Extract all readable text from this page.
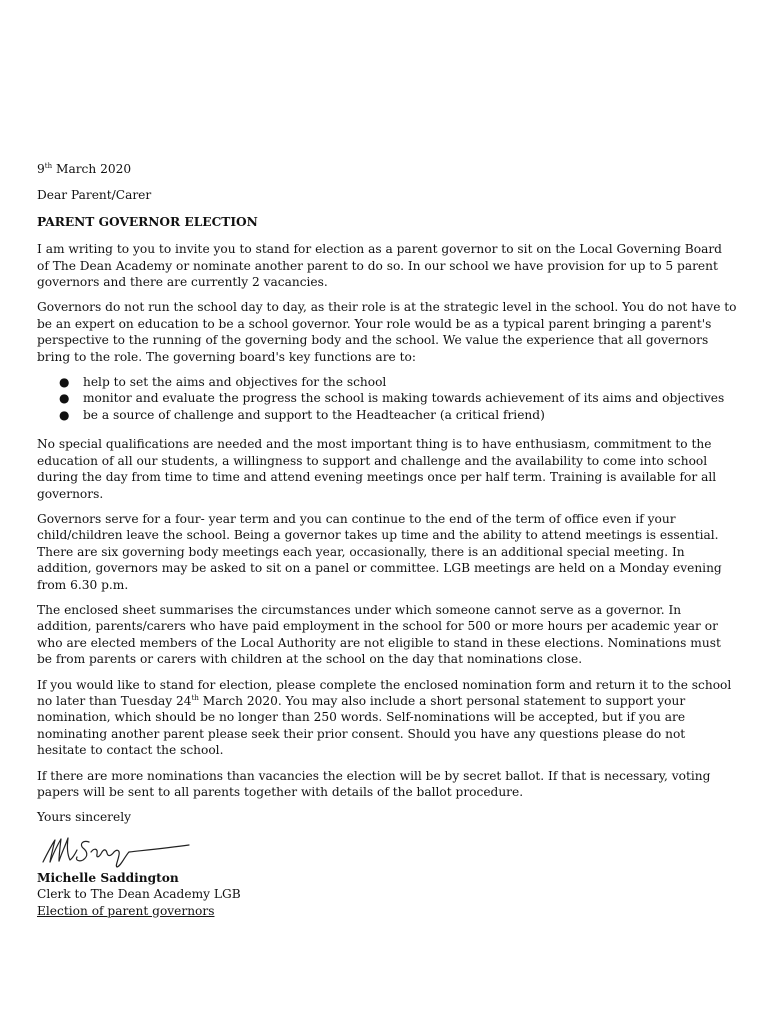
9th March 2020

Dear Parent/Carer

PARENT GOVERNOR ELECTION

I am writing to you to invite you to stand for election as a parent governor to sit on the Local Governing Board of The Dean Academy or nominate another parent to do so. In our school we have provision for up to 5 parent governors and there are currently 2 vacancies.

Governors do not run the school day to day, as their role is at the strategic level in the school. You do not have to be an expert on education to be a school governor. Your role would be as a typical parent bringing a parent's perspective to the running of the governing body and the school. We value the experience that all governors bring to the role. The governing board's key functions are to:

● help to set the aims and objectives for the school
● monitor and evaluate the progress the school is making towards achievement of its aims and objectives
● be a source of challenge and support to the Headteacher (a critical friend)

No special qualifications are needed and the most important thing is to have enthusiasm, commitment to the education of all our students, a willingness to support and challenge and the availability to come into school during the day from time to time and attend evening meetings once per half term. Training is available for all governors.

Governors serve for a four- year term and you can continue to the end of the term of office even if your child/children leave the school. Being a governor takes up time and the ability to attend meetings is essential. There are six governing body meetings each year, occasionally, there is an additional special meeting. In addition, governors may be asked to sit on a panel or committee. LGB meetings are held on a Monday evening from 6.30 p.m.

The enclosed sheet summarises the circumstances under which someone cannot serve as a governor. In addition, parents/carers who have paid employment in the school for 500 or more hours per academic year or who are elected members of the Local Authority are not eligible to stand in these elections. Nominations must be from parents or carers with children at the school on the day that nominations close.

If you would like to stand for election, please complete the enclosed nomination form and return it to the school no later than Tuesday 24th March 2020. You may also include a short personal statement to support your nomination, which should be no longer than 250 words. Self-nominations will be accepted, but if you are nominating another parent please seek their prior consent. Should you have any questions please do not hesitate to contact the school.

If there are more nominations than vacancies the election will be by secret ballot. If that is necessary, voting papers will be sent to all parents together with details of the ballot procedure.

Yours sincerely

Michelle Saddington

Clerk to The Dean Academy LGB

Election of parent governors
